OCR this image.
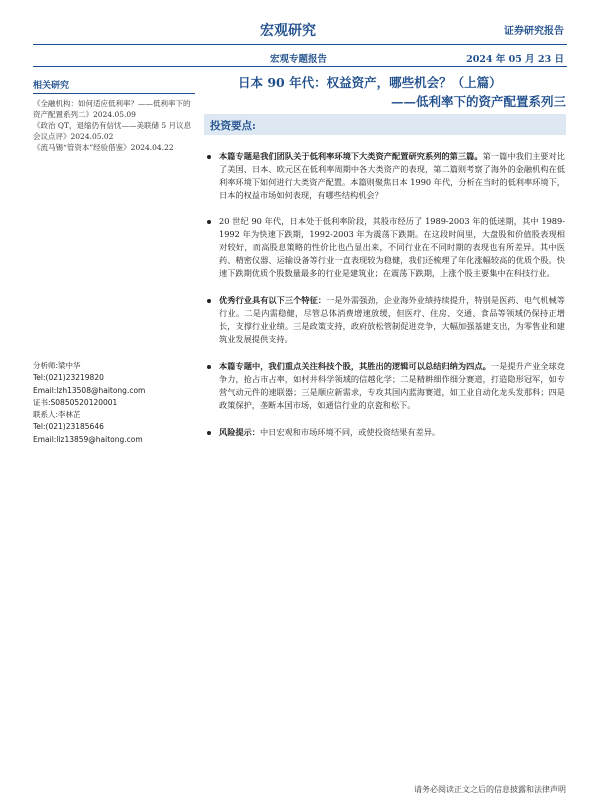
宏观研究	证券研究报告
宏观专题报告	2024 年 05 月 23 日
日本 90 年代：权益资产，哪些机会？（上篇）
——低利率下的资产配置系列三
相关研究
《全融机构：如何适应低利率？——低利率下的资产配置系列二》2024.05.09
《政治 QT，退缩仍有信忧——美联储 5 月议息会议点评》2024.05.02
《流马锡“管资本”经验借鉴》2024.04.22
分析师:梁中华
Tel:(021)23219820
Email:lzh13508@haitong.com
证书:S0850520120001
联系人:李林芷
Tel:(021)23185646
Email:llz13859@haitong.com
投资要点:
本篇专题是我们团队关于低利率环境下大类资产配置研究系列的第三篇。第一篇中我们主要对比了美国、日本、欧元区在低利率周期中各大类资产的表现，第二篇则考察了海外的金融机构在低利率环境下如何进行大类资产配置。本篇则聚焦日本 1990 年代，分析在当时的低利率环境下，日本的权益市场如何表现，有哪些结构机会？
20 世纪 90 年代，日本处于低利率阶段，其股市经历了 1989-2003 年的低迷期，其中 1989-1992 年为快速下跌期，1992-2003 年为震荡下跌期。在这段时间里，大盘股和价值股表现相对较好，而高股息策略的性价比也凸显出来，不同行业在不同时期的表现也有所差异。其中医药、精密仪器、运输设备等行业一直表现较为稳健，我们还梳理了年化涨幅较高的优质个股。快速下跌期优质个股数量最多的行业是建筑业；在震荡下跌期，上涨个股主要集中在科技行业。
优秀行业具有以下三个特征：一是外需强劲，企业海外业绩持续提升，特别是医药、电气机械等行业。二是内需稳健，尽管总体消费增速放缓，但医疗、住房、交通、食品等领域仍保持正增长，支撑行业业绩。三是政策支持，政府放松管制促进竞争，大幅加强基建支出，为零售业和建筑业发展提供支持。
本篇专题中，我们重点关注科技个股，其胜出的逻辑可以总结归纳为四点。一是提升产业全球竞争力，抢占市占率，如村井科学领域的信越化学；二是精耕细作细分赛道，打造隐形冠军，如专营气动元件的速联器；三是顺应新需求，专攻其国内蓝海赛道，如工业自动化龙头发那科；四是政策保护，垄断本国市场，如通信行业的京瓷和松下。
风险提示：中日宏观和市场环境不同，或使投资结果有差异。
请务必阅读正文之后的信息披露和法律声明
